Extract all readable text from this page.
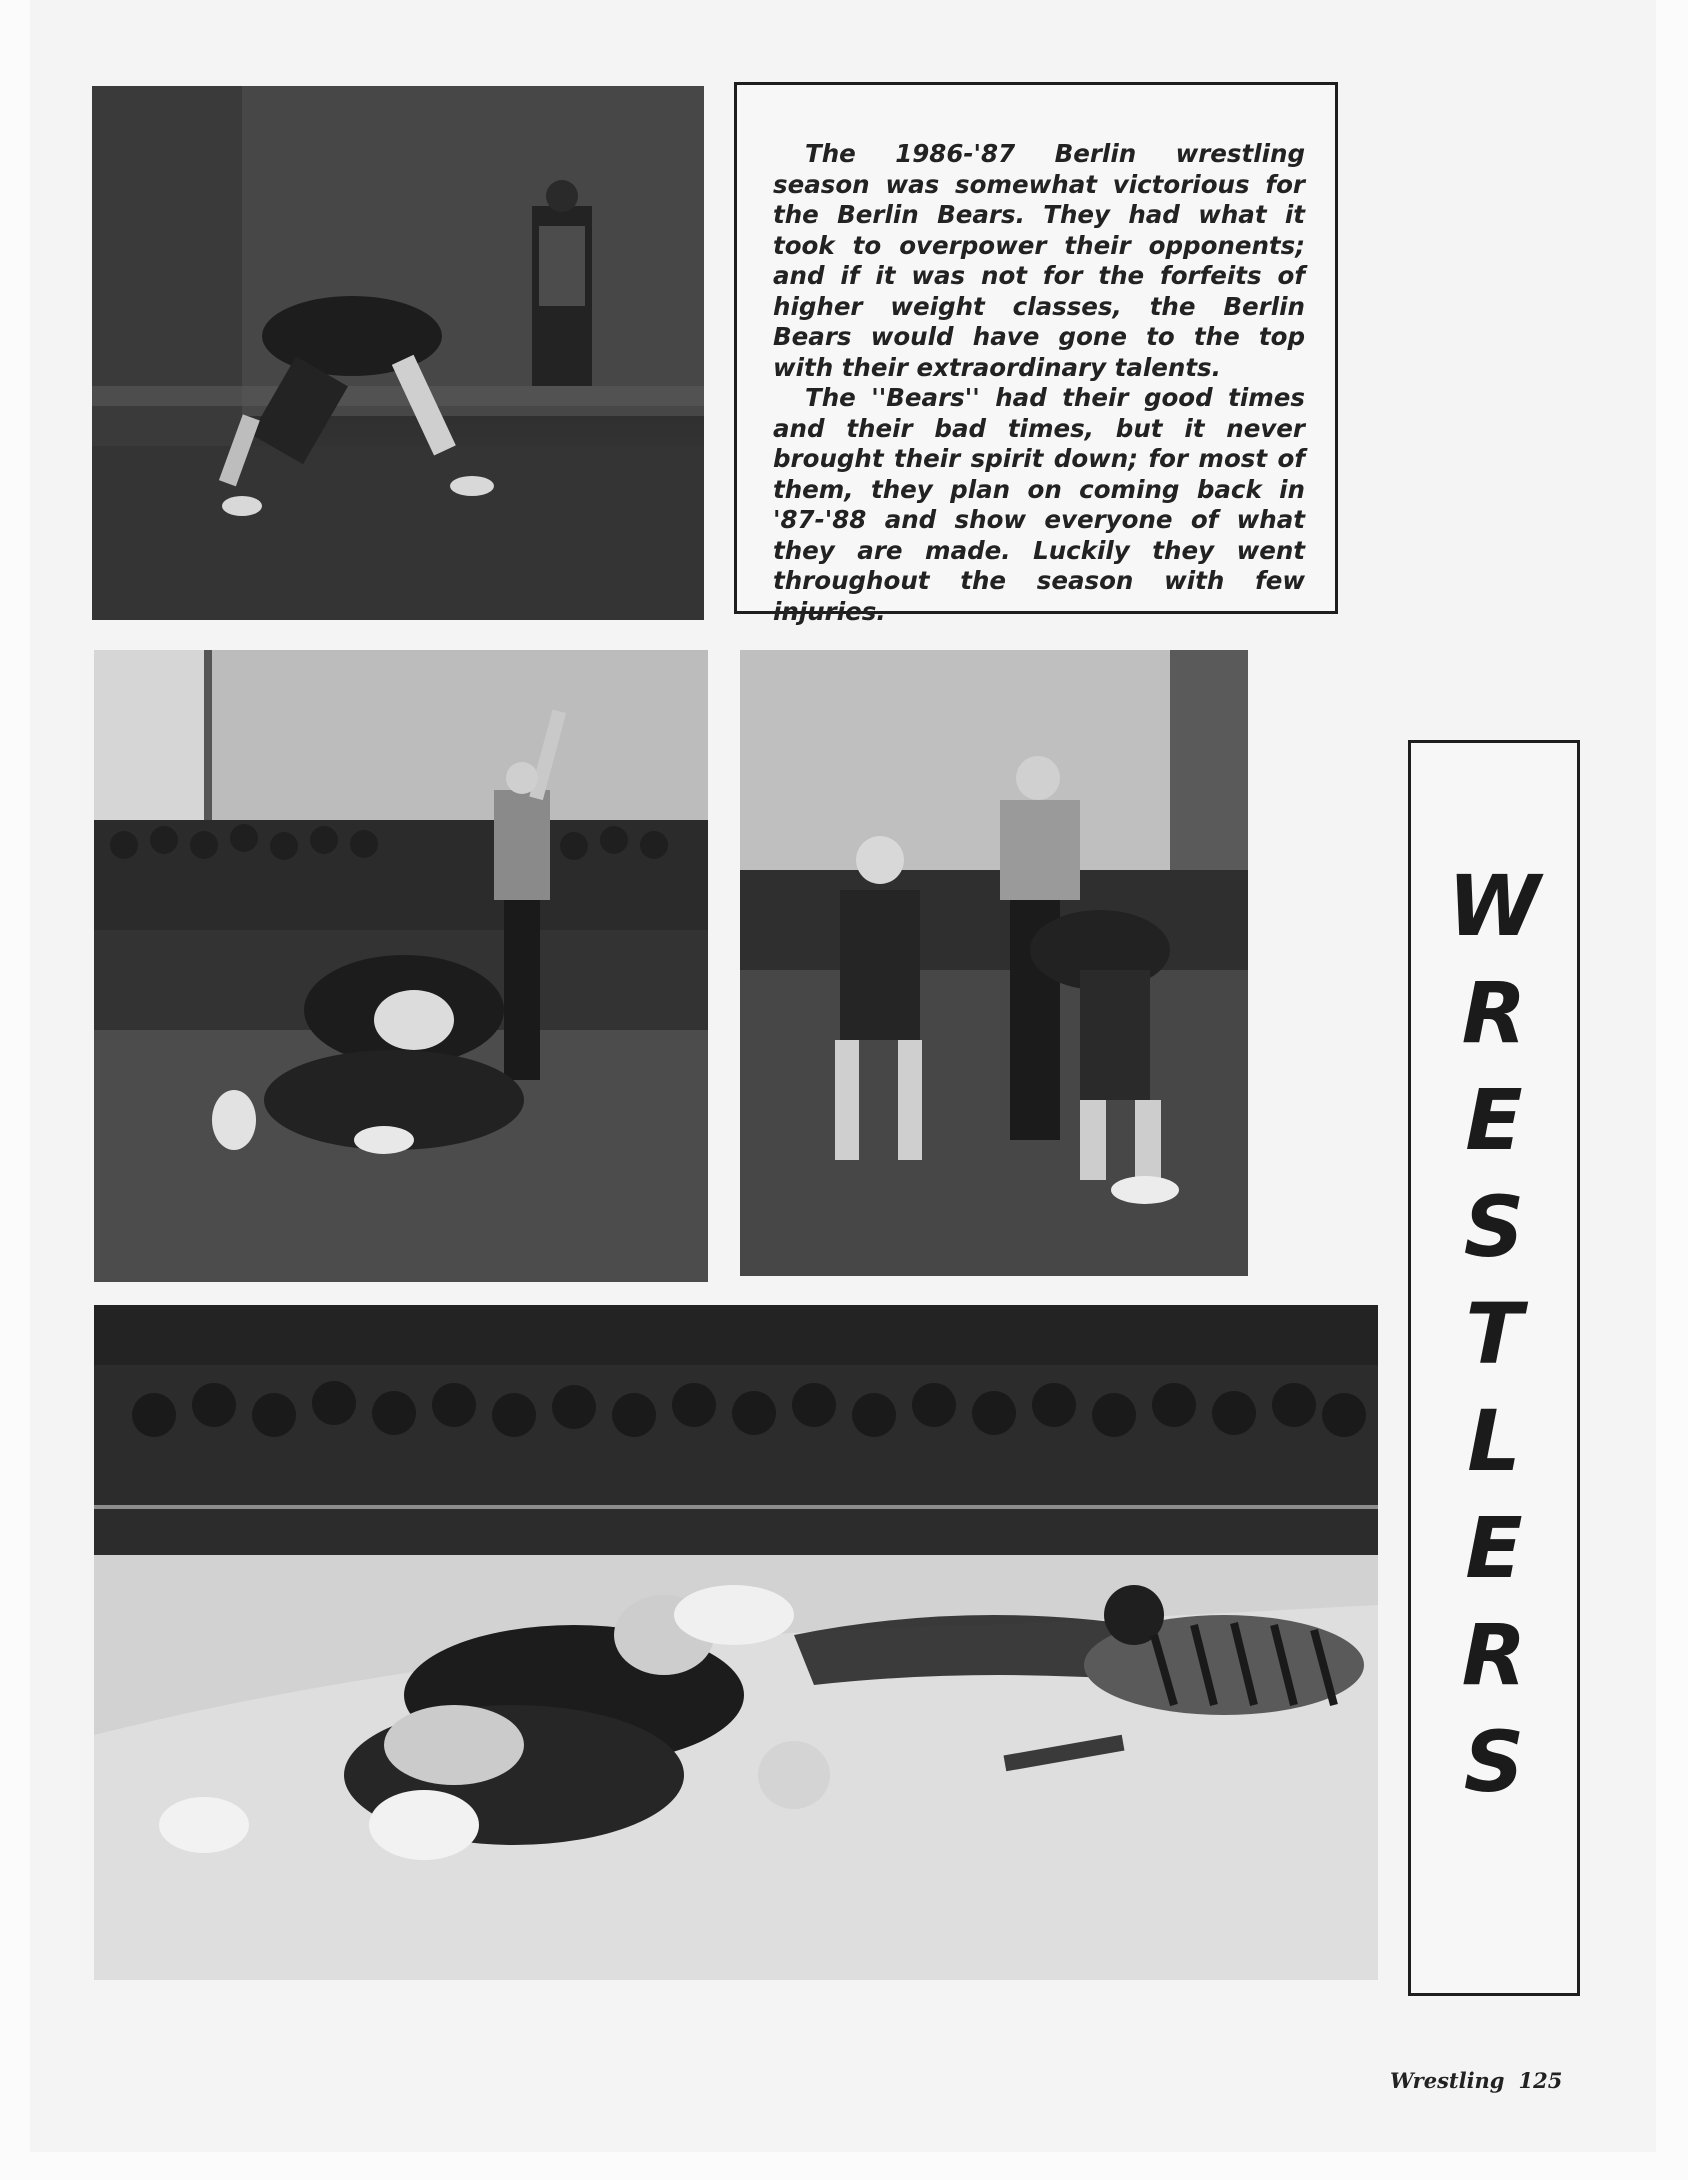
The 1986-'87 Berlin wrestling season was somewhat victorious for the Berlin Bears. They had what it took to overpower their opponents; and if it was not for the forfeits of higher weight classes, the Berlin Bears would have gone to the top with their extraordinary talents.

The ''Bears'' had their good times and their bad times, but it never brought their spirit down; for most of them, they plan on coming back in '87-'88 and show everyone of what they are made. Luckily they went throughout the season with few injuries.

W
R
E
S
T
L
E
R
S
Wrestling 125
